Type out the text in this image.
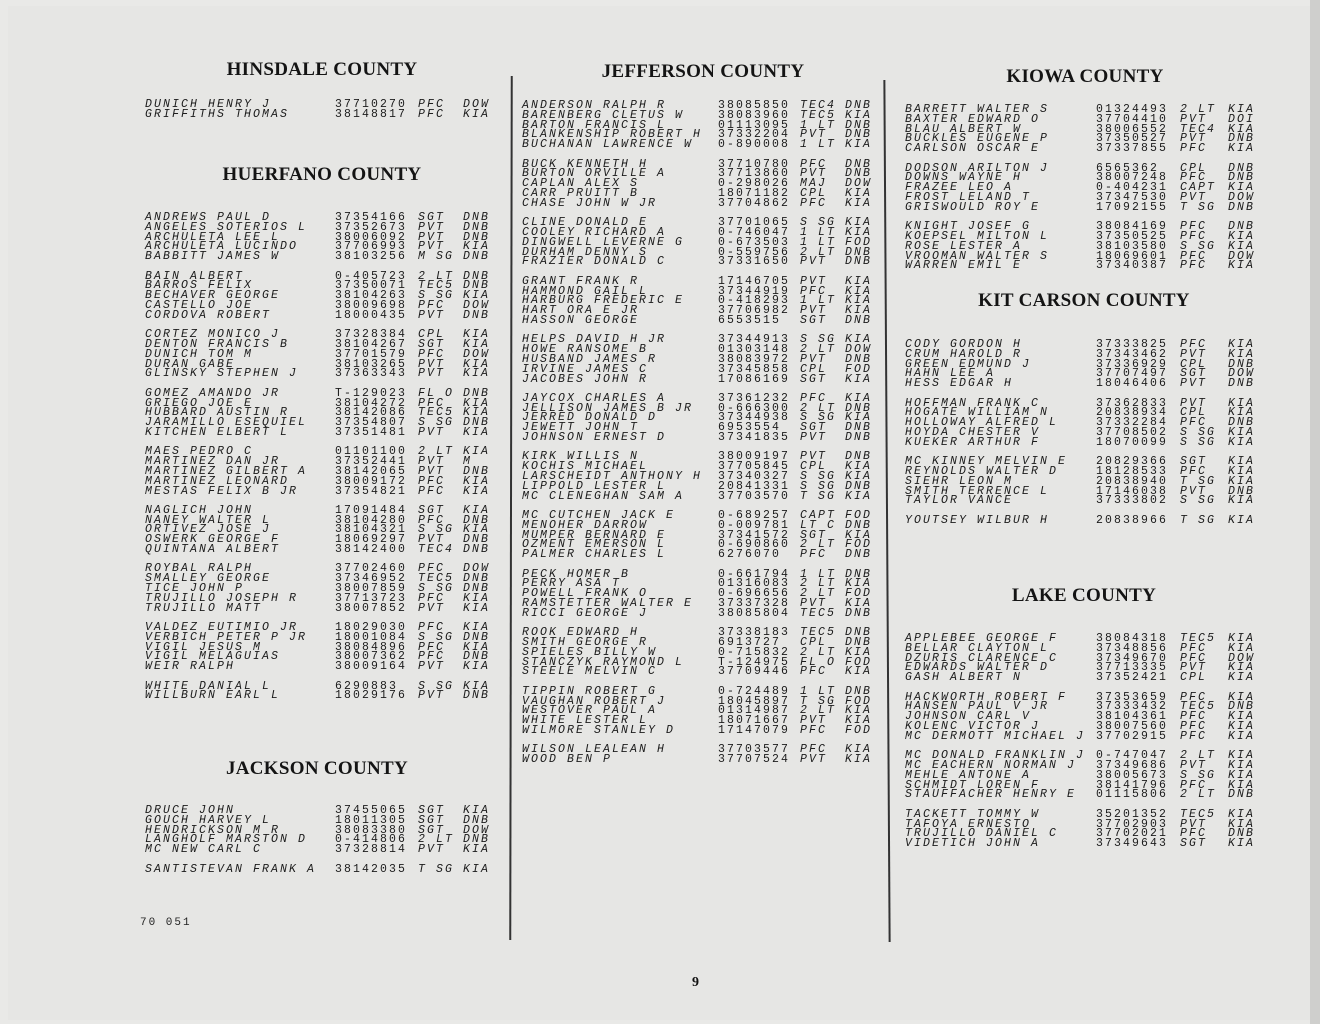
HINSDALE COUNTY
DUNICH HENRY J	37710270 PFC DOW
GRIFFITHS THOMAS	38148817 PFC KIA
HUERFANO COUNTY
ANDREWS PAUL D	37354166 SGT DNB
ANGELES SOTERIOS L 37352673 PVT DNB
ARCHULETA LEE L	38006092 PVT DNB
ARCHULETA LUCINDO	37706993 PVT KIA
BABBITT JAMES W	38103256 M SG DNB
BAIN ALBERT	0-405723 2 LT DNB
BARROS FELIX	37350071 TEC5 DNB
BECHAVER GEORGE	38104263 S SG KIA
CASTELLO JOE	38009698 PFC DOW
CORDOVA ROBERT	18000435 PVT DNB
CORTEZ MONICO J	37328384 CPL KIA
DENTON FRANCIS B	38104267 SGT KIA
DUNICH TOM M	37701579 PFC DOW
DURAN GABE	38103265 PVT KIA
GLINSKY STEPHEN J	37363343 PVT KIA
GOMEZ AMANDO JR	T-129023 FL O DNB
GRIEGO JOE E	38104272 PFC KIA
HUBBARD AUSTIN R	38142086 TEC5 KIA
JARAMILLO ESEQUIEL 37354807 S SG DNB
KITCHEN ELBERT L	37351481 PVT KIA
MAES PEDRO C	01101100 2 LT KIA
MARTINEZ DAN JR	37352441 PVT M
MARTINEZ GILBERT A 38142065 PVT DNB
MARTINEZ LEONARD	38009172 PFC KIA
MESTAS FELIX B JR	37354821 PFC KIA
NAGLICH JOHN	17091484 SGT KIA
NANEY WALTER L	38104280 PFC DNB
ORTIVEZ JOSE J	38104321 S SG KIA
OSWERK GEORGE F	18069297 PVT DNB
QUINTANA ALBERT	38142400 TEC4 DNB
ROYBAL RALPH	37702460 PFC DOW
SMALLEY GEORGE	37346952 TEC5 DNB
TICE JOHN P	38007859 S SG DNB
TRUJILLO JOSEPH R	37713723 PFC KIA
TRUJILLO MATT	38007852 PVT KIA
VALDEZ EUTIMIO JR	18029030 PFC KIA
VERBICH PETER P JR 18001084 S SG DNB
VIGIL JESUS M	38084896 PFC KIA
VIGIL MELAGUIAS	38007362 PFC DNB
WEIR RALPH	38009164 PVT KIA
WHITE DANIAL L	6290883 S SG KIA
WILLBURN EARL L	18029176 PVT DNB
JACKSON COUNTY
DRUCE JOHN	37455065 SGT KIA
GOUCH HARVEY L	18011305 SGT DNB
HENDRICKSON M R	38083380 SGT DOW
LANGHOLF MARSTON D 0-414806 2 LT DNB
MC NEW CARL C	37328814 PVT KIA
SANTISTEVAN FRANK A 38142035 T SG KIA
JEFFERSON COUNTY
ANDERSON RALPH R	38085850 TEC4 DNB
BARENBERG CLETUS W	38083960 TEC5 KIA
BARTON FRANCIS L	01113095 1 LT DNB
BLANKENSHIP ROBERT H 37332204 PVT DNB
BUCHANAN LAWRENCE W 0-890008 1 LT KIA
BUCK KENNETH H	37710780 PFC DNB
BURTON ORVILLE A	37713860 PVT DNB
CAPLAN ALEX S	0-298026 MAJ DOW
CARR PRUITT B	18071182 CPL KIA
CHASE JOHN W JR	37704862 PFC KIA
CLINE DONALD E	37701065 S SG KIA
COOLEY RICHARD A	0-746047 1 LT KIA
DINGWELL LEVERNE G	0-673503 1 LT FOD
DURHAM DENNY S	0-559756 2 LT DNB
FRAZIER DONALD C	37331650 PVT DNB
GRANT FRANK R	17146705 PVT KIA
HAMMOND GAIL L	37344919 PFC KIA
HARBURG FREDERIC E	0-418293 1 LT KIA
HART ORA E JR	37706982 PVT KIA
HASSON GEORGE	6553515 SGT DNB
HELPS DAVID H JR	37344913 S SG KIA
HOWE RANSOME B	01303148 2 LT DOW
HUSBAND JAMES R	38083972 PVT DNB
IRVINE JAMES C	37345858 CPL FOD
JACOBES JOHN R	17086169 SGT KIA
JAYCOX CHARLES A	37361232 PFC KIA
JELLISON JAMES B JR 0-666300 2 LT DNB
JERRED DONALD D	37344938 S SG KIA
JEWETT JOHN T	6953554 SGT DNB
JOHNSON ERNEST D	37341835 PVT DNB
KIRK WILLIS N	38009197 PVT DNB
KOCHIS MICHAEL	37705845 CPL KIA
LARSCHEIDT ANTHONY H 37340327 S SG KIA
LIPPOLD LESTER L	20841331 S SG DNB
MC CLENEGHAN SAM A	37703570 T SG KIA
MC CUTCHEN JACK E	0-689257 CAPT FOD
MENOHER DARROW	0-009781 LT C DNB
MUMPER BERNARD E	37341572 SGT KIA
OZMENT EMERSON L	0-690860 2 LT FOD
PALMER CHARLES L	6276070 PFC DNB
PECK HOMER B	0-661794 1 LT DNB
PERRY ASA T	01316083 2 LT KIA
POWELL FRANK O	0-696656 2 LT FOD
RAMSTETTER WALTER E 37337328 PVT KIA
RICCI GEORGE J	38085804 TEC5 DNB
ROOK EDWARD H	37338183 TEC5 DNB
SMITH GEORGE R	6913727 CPL DNB
SPIELES BILLY W	0-715832 2 LT KIA
STANCZYK RAYMOND L	T-124975 FL O FOD
STEELE MELVIN C	37709446 PFC KIA
TIPPIN ROBERT G	0-724489 1 LT DNB
VAUGHAN ROBERT J	18045897 T SG FOD
WESTOVER PAUL A	01314987 2 LT KIA
WHITE LESTER L	18071667 PVT KIA
WILMORE STANLEY D	17147079 PFC FOD
WILSON LEALEAN H	37703577 PFC KIA
WOOD BEN P	37707524 PVT KIA
KIOWA COUNTY
BARRETT WALTER S	01324493 2 LT KIA
BAXTER EDWARD O	37704410 PVT DOI
BLAU ALBERT W	38006552 TEC4 KIA
BUCKLES EUGENE P	37350527 PVT DNB
CARLSON OSCAR E	37337855 PFC KIA
DODSON ARILTON J	6565362 CPL DNB
DOWNS WAYNE H	38007248 PFC DNB
FRAZEE LEO A	0-404231 CAPT KIA
FROST LELAND T	37347530 PVT DOW
GRISWOULD ROY E	17092155 T SG DNB
KNIGHT JOSEF G	38084169 PFC DNB
KOEPSEL MILTON L	37350525 PFC KIA
ROSE LESTER A	38103580 S SG KIA
VROOMAN WALTER S	18069601 PFC DOW
WARREN EMIL E	37340387 PFC KIA
KIT CARSON COUNTY
CODY GORDON H	37333825 PFC KIA
CRUM HAROLD R	37343462 PVT KIA
GREEN EDMUND J	37336929 CPL DNB
HAHN LEE A	37707497 SGT DOW
HESS EDGAR H	18046406 PVT DNB
HOFFMAN FRANK C	37362833 PVT KIA
HOGATE WILLIAM N	20838934 CPL KIA
HOLLOWAY ALFRED L	37332284 PFC DNB
HOYDA CHESTER V	37708502 S SG KIA
KUEKER ARTHUR F	18070099 S SG KIA
MC KINNEY MELVIN E	20829366 SGT KIA
REYNOLDS WALTER D	18128533 PFC KIA
SIEHR LEON M	20838940 T SG KIA
SMITH TERRENCE L	17146038 PVT DNB
TAYLOR VANCE	37333802 S SG KIA
YOUTSEY WILBUR H	20838966 T SG KIA
LAKE COUNTY
APPLEBEE GEORGE F	38084318 TEC5 KIA
BELLAR CLAYTON L	37348856 PFC KIA
DZURIS CLARENCE C	37349670 PFC DOW
EDWARDS WALTER D	37713335 PVT KIA
GASH ALBERT N	37352421 CPL KIA
HACKWORTH ROBERT F	37353659 PFC KIA
HANSEN PAUL V JR	37333432 TEC5 DNB
JOHNSON CARL V	38104361 PFC KIA
KOLENC VICTOR J	38007560 PFC KIA
MC DERMOTT MICHAEL J 37702915 PFC KIA
MC DONALD FRANKLIN J 0-747047 2 LT KIA
MC EACHERN NORMAN J 37349686 PVT KIA
MEHLE ANTONE A	38005673 S SG KIA
SCHMIDT LOREN F	38141796 PFC KIA
STAUFFACHER HENRY E 01115806 2 LT DNB
TACKETT TOMMY W	35201352 TEC5 KIA
TAFOYA ERNESTO	37702903 PVT KIA
TRUJILLO DANIEL C	37702021 PFC DNB
VIDETICH JOHN A	37349643 SGT KIA
70 051
9
